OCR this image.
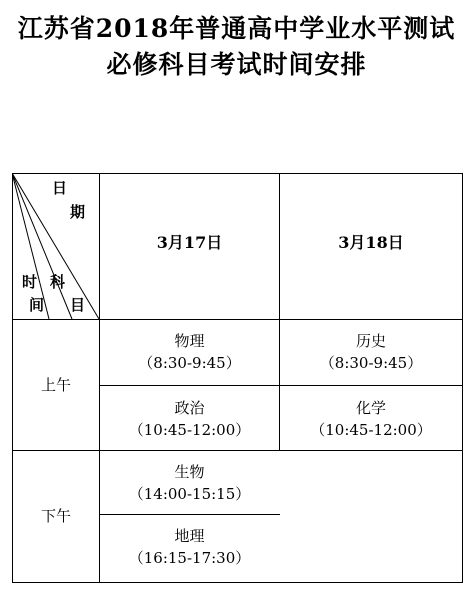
江苏省2018年普通高中学业水平测试
必修科目考试时间安排
日
期
时 科
间 目
3月17日	3月18日
上午
下午
物理
（8:30-9:45）
历史
（8:30-9:45）
政治
（10:45-12:00）
化学
（10:45-12:00）
生物
（14:00-15:15）
地理
（16:15-17:30）
